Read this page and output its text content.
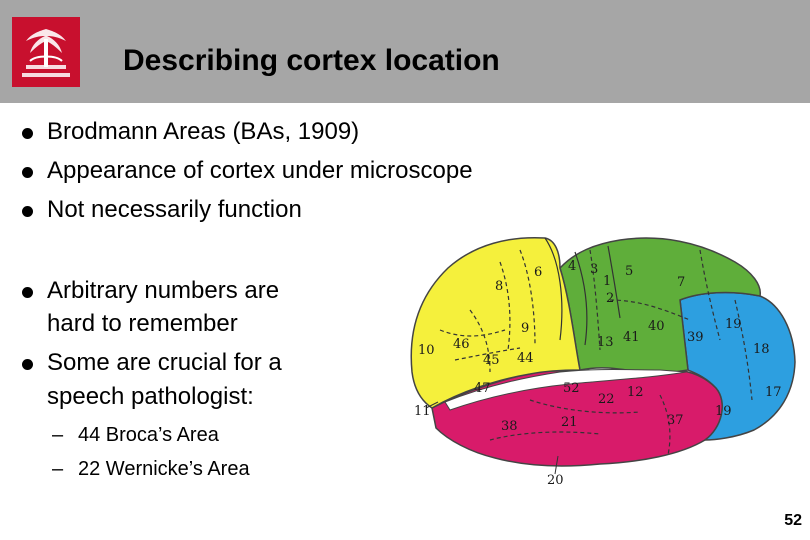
Describing cortex location
Brodmann Areas (BAs, 1909)
Appearance of cortex under microscope
Not necessarily function
Arbitrary numbers are
hard to remember
Some are crucial for a
speech pathologist:
– 44 Broca’s Area
– 22 Wernicke’s Area
1
2
3
4	5
6
7
8
9
10
11
12
13
17
18
19
19
20
21
22
37
38
39
40
41
44
45
46
47	52
52
